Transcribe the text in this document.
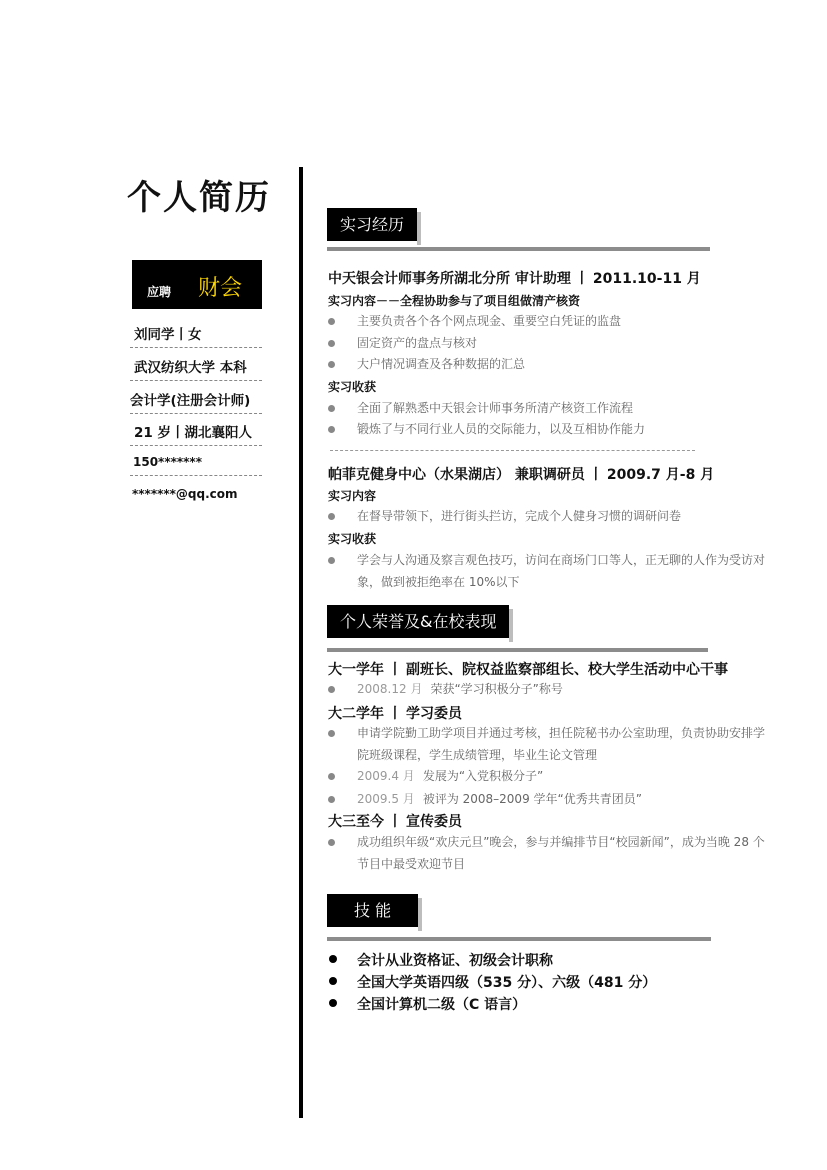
个人简历
应聘 财会
刘同学丨女
武汉纺织大学 本科
会计学(注册会计师)
21 岁丨湖北襄阳人
150*******
*******@qq.com
实习经历
中天银会计师事务所湖北分所 审计助理 丨 2011.10-11 月
实习内容－－全程协助参与了项目组做清产核资
主要负责各个各个网点现金、重要空白凭证的监盘
固定资产的盘点与核对
大户情况调查及各种数据的汇总
实习收获
全面了解熟悉中天银会计师事务所清产核资工作流程
锻炼了与不同行业人员的交际能力，以及互相协作能力
帕菲克健身中心（水果湖店） 兼职调研员 丨 2009.7 月-8 月
实习内容
在督导带领下，进行街头拦访，完成个人健身习惯的调研问卷
实习收获
学会与人沟通及察言观色技巧，访问在商场门口等人，正无聊的人作为受访对象，做到被拒绝率在 10%以下
个人荣誉及&在校表现
大一学年 丨 副班长、院权益监察部组长、校大学生活动中心干事
2008.12 月 荣获“学习积极分子”称号
大二学年 丨 学习委员
申请学院勤工助学项目并通过考核，担任院秘书办公室助理，负责协助安排学院班级课程，学生成绩管理，毕业生论文管理
2009.4 月 发展为“入党积极分子”
2009.5 月 被评为 2008–2009 学年“优秀共青团员”
大三至今 丨 宣传委员
成功组织年级“欢庆元旦”晚会，参与并编排节目“校园新闻”，成为当晚 28 个节目中最受欢迎节目
技 能
会计从业资格证、初级会计职称
全国大学英语四级（535 分）、六级（481 分）
全国计算机二级（C 语言）
